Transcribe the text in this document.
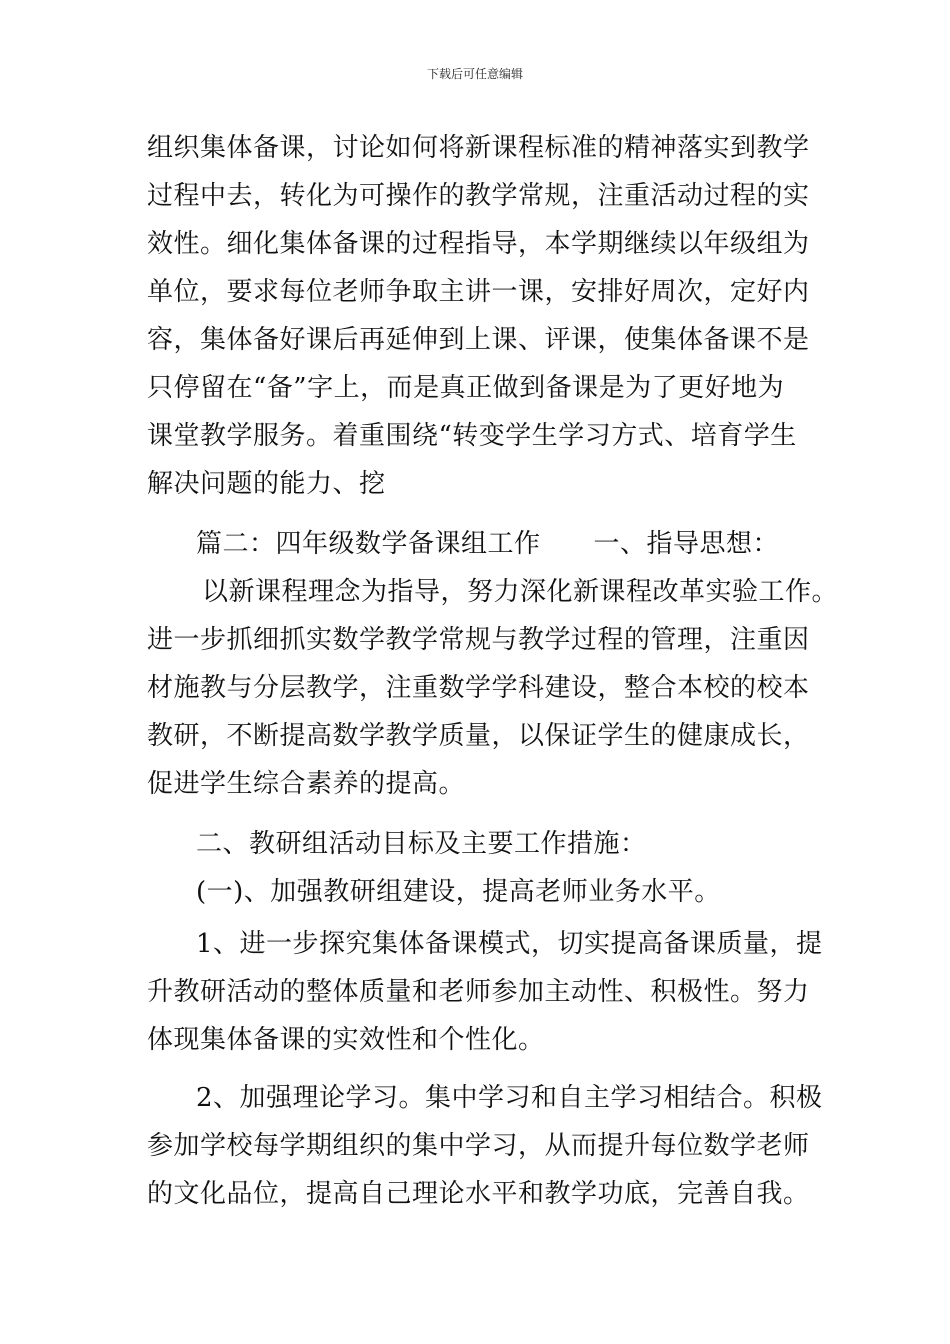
下载后可任意编辑
组织集体备课，讨论如何将新课程标准的精神落实到教学
过程中去，转化为可操作的教学常规，注重活动过程的实
效性。细化集体备课的过程指导，本学期继续以年级组为
单位，要求每位老师争取主讲一课，安排好周次，定好内
容，集体备好课后再延伸到上课、评课，使集体备课不是
只停留在“备”字上，而是真正做到备课是为了更好地为
课堂教学服务。着重围绕“转变学生学习方式、培育学生
解决问题的能力、挖
篇二：四年级数学备课组工作　　一、指导思想：
以新课程理念为指导，努力深化新课程改革实验工作。
进一步抓细抓实数学教学常规与教学过程的管理，注重因
材施教与分层教学，注重数学学科建设，整合本校的校本
教研，不断提高数学教学质量，以保证学生的健康成长，
促进学生综合素养的提高。
二、教研组活动目标及主要工作措施：
(一)、加强教研组建设，提高老师业务水平。
1、进一步探究集体备课模式，切实提高备课质量，提
升教研活动的整体质量和老师参加主动性、积极性。努力
体现集体备课的实效性和个性化。
2、加强理论学习。集中学习和自主学习相结合。积极
参加学校每学期组织的集中学习，从而提升每位数学老师
的文化品位，提高自己理论水平和教学功底，完善自我。
